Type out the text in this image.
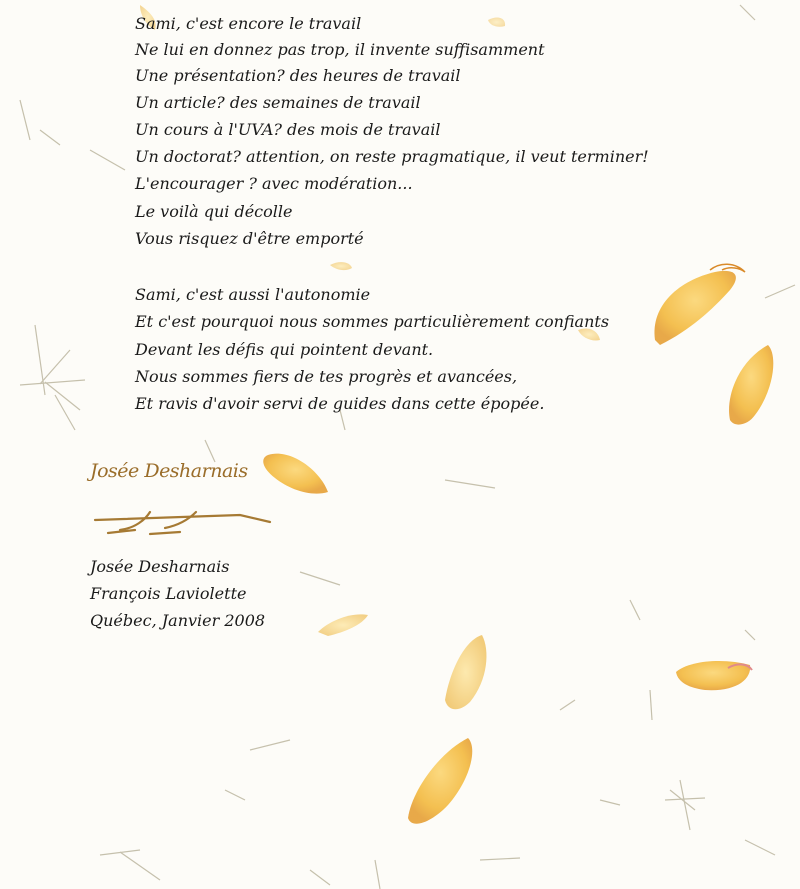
Sami, c'est encore le travail
Ne lui en donnez pas trop, il invente suffisamment
Une présentation? des heures de travail
Un article? des semaines de travail
Un cours à l'UVA? des mois de travail
Un doctorat? attention, on reste pragmatique, il veut terminer!
L'encourager ? avec modération...
Le voilà qui décolle
Vous risquez d'être emporté
Sami, c'est aussi l'autonomie
Et c'est pourquoi nous sommes particulièrement confiants
Devant les défis qui pointent devant.
Nous sommes fiers de tes progrès et avancées,
Et ravis d'avoir servi de guides dans cette épopée.
Josée Desharnais
Josée Desharnais
François Laviolette
Québec, Janvier 2008
